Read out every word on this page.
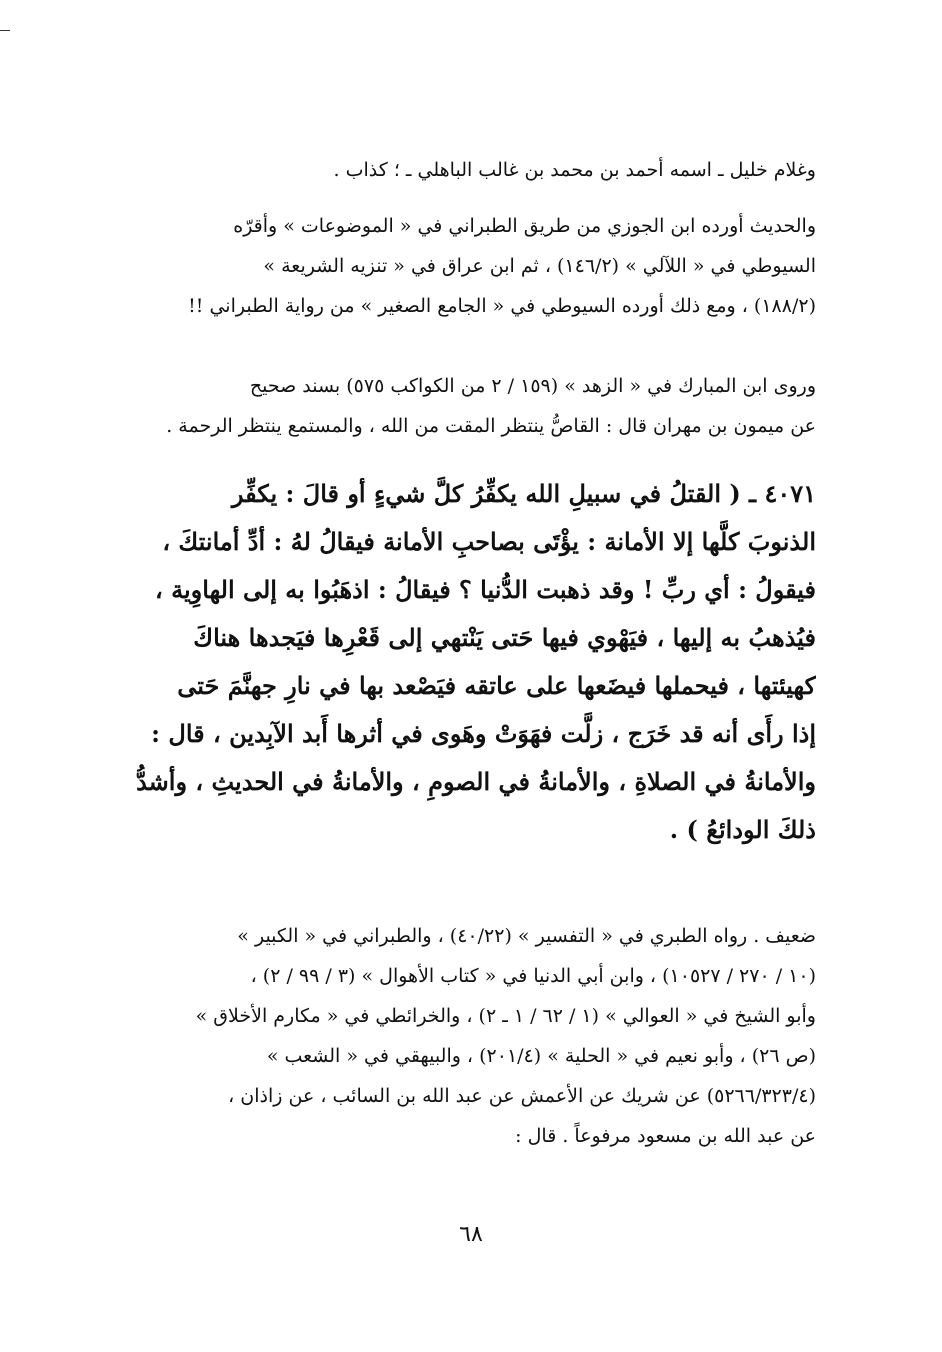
وغلام خليل ـ اسمه أحمد بن محمد بن غالب الباهلي ـ ؛ كذاب .
والحديث أورده ابن الجوزي من طريق الطبراني في « الموضوعات » وأقرّه
السيوطي في « اللآلي » (١٤٦/٢) ، ثم ابن عراق في « تنزيه الشريعة »
(١٨٨/٢) ، ومع ذلك أورده السيوطي في « الجامع الصغير » من رواية الطبراني !!
وروى ابن المبارك في « الزهد » (١٥٩ / ٢ من الكواكب ٥٧٥) بسند صحيح
عن ميمون بن مهران قال : القاصُّ ينتظر المقت من الله ، والمستمع ينتظر الرحمة .
٤٠٧١ ـ ( القتلُ في سبيلِ الله يكفِّرُ كلَّ شيءٍ أو قالَ : يكفِّر
الذنوبَ كلَّها إلا الأمانة : يؤْتَى بصاحبِ الأمانة فيقالُ لهُ : أدِّ أمانتكَ ،
فيقولُ : أي ربِّ ! وقد ذهبت الدُّنيا ؟ فيقالُ : اذهَبُوا به إلى الهاوِية ،
فيُذهبُ به إليها ، فيَهْوي فيها حَتى يَنْتهي إلى قَعْرِها فيَجدها هناكَ
كهيئتها ، فيحملها فيضَعها على عاتقه فيَصْعد بها في نارِ جهنَّمَ حَتى
إذا رأَى أنه قد خَرَج ، زلَّت فهَوَتْ وهَوى في أثرها أَبد الآبِدين ، قال :
والأمانةُ في الصلاةِ ، والأمانةُ في الصومِ ، والأمانةُ في الحديثِ ، وأشدُّ
ذلكَ الودائعُ ) .
ضعيف . رواه الطبري في « التفسير » (٤٠/٢٢) ، والطبراني في « الكبير »
(١٠ / ٢٧٠ / ١٠٥٢٧) ، وابن أبي الدنيا في « كتاب الأهوال » (٣ / ٩٩ / ٢) ،
وأبو الشيخ في « العوالي » (١ / ٦٢ / ١ ـ ٢) ، والخرائطي في « مكارم الأخلاق »
(ص ٢٦) ، وأبو نعيم في « الحلية » (٢٠١/٤) ، والبيهقي في « الشعب »
(٥٢٦٦/٣٢٣/٤) عن شريك عن الأعمش عن عبد الله بن السائب ، عن زاذان ،
عن عبد الله بن مسعود مرفوعاً . قال :
٦٨
